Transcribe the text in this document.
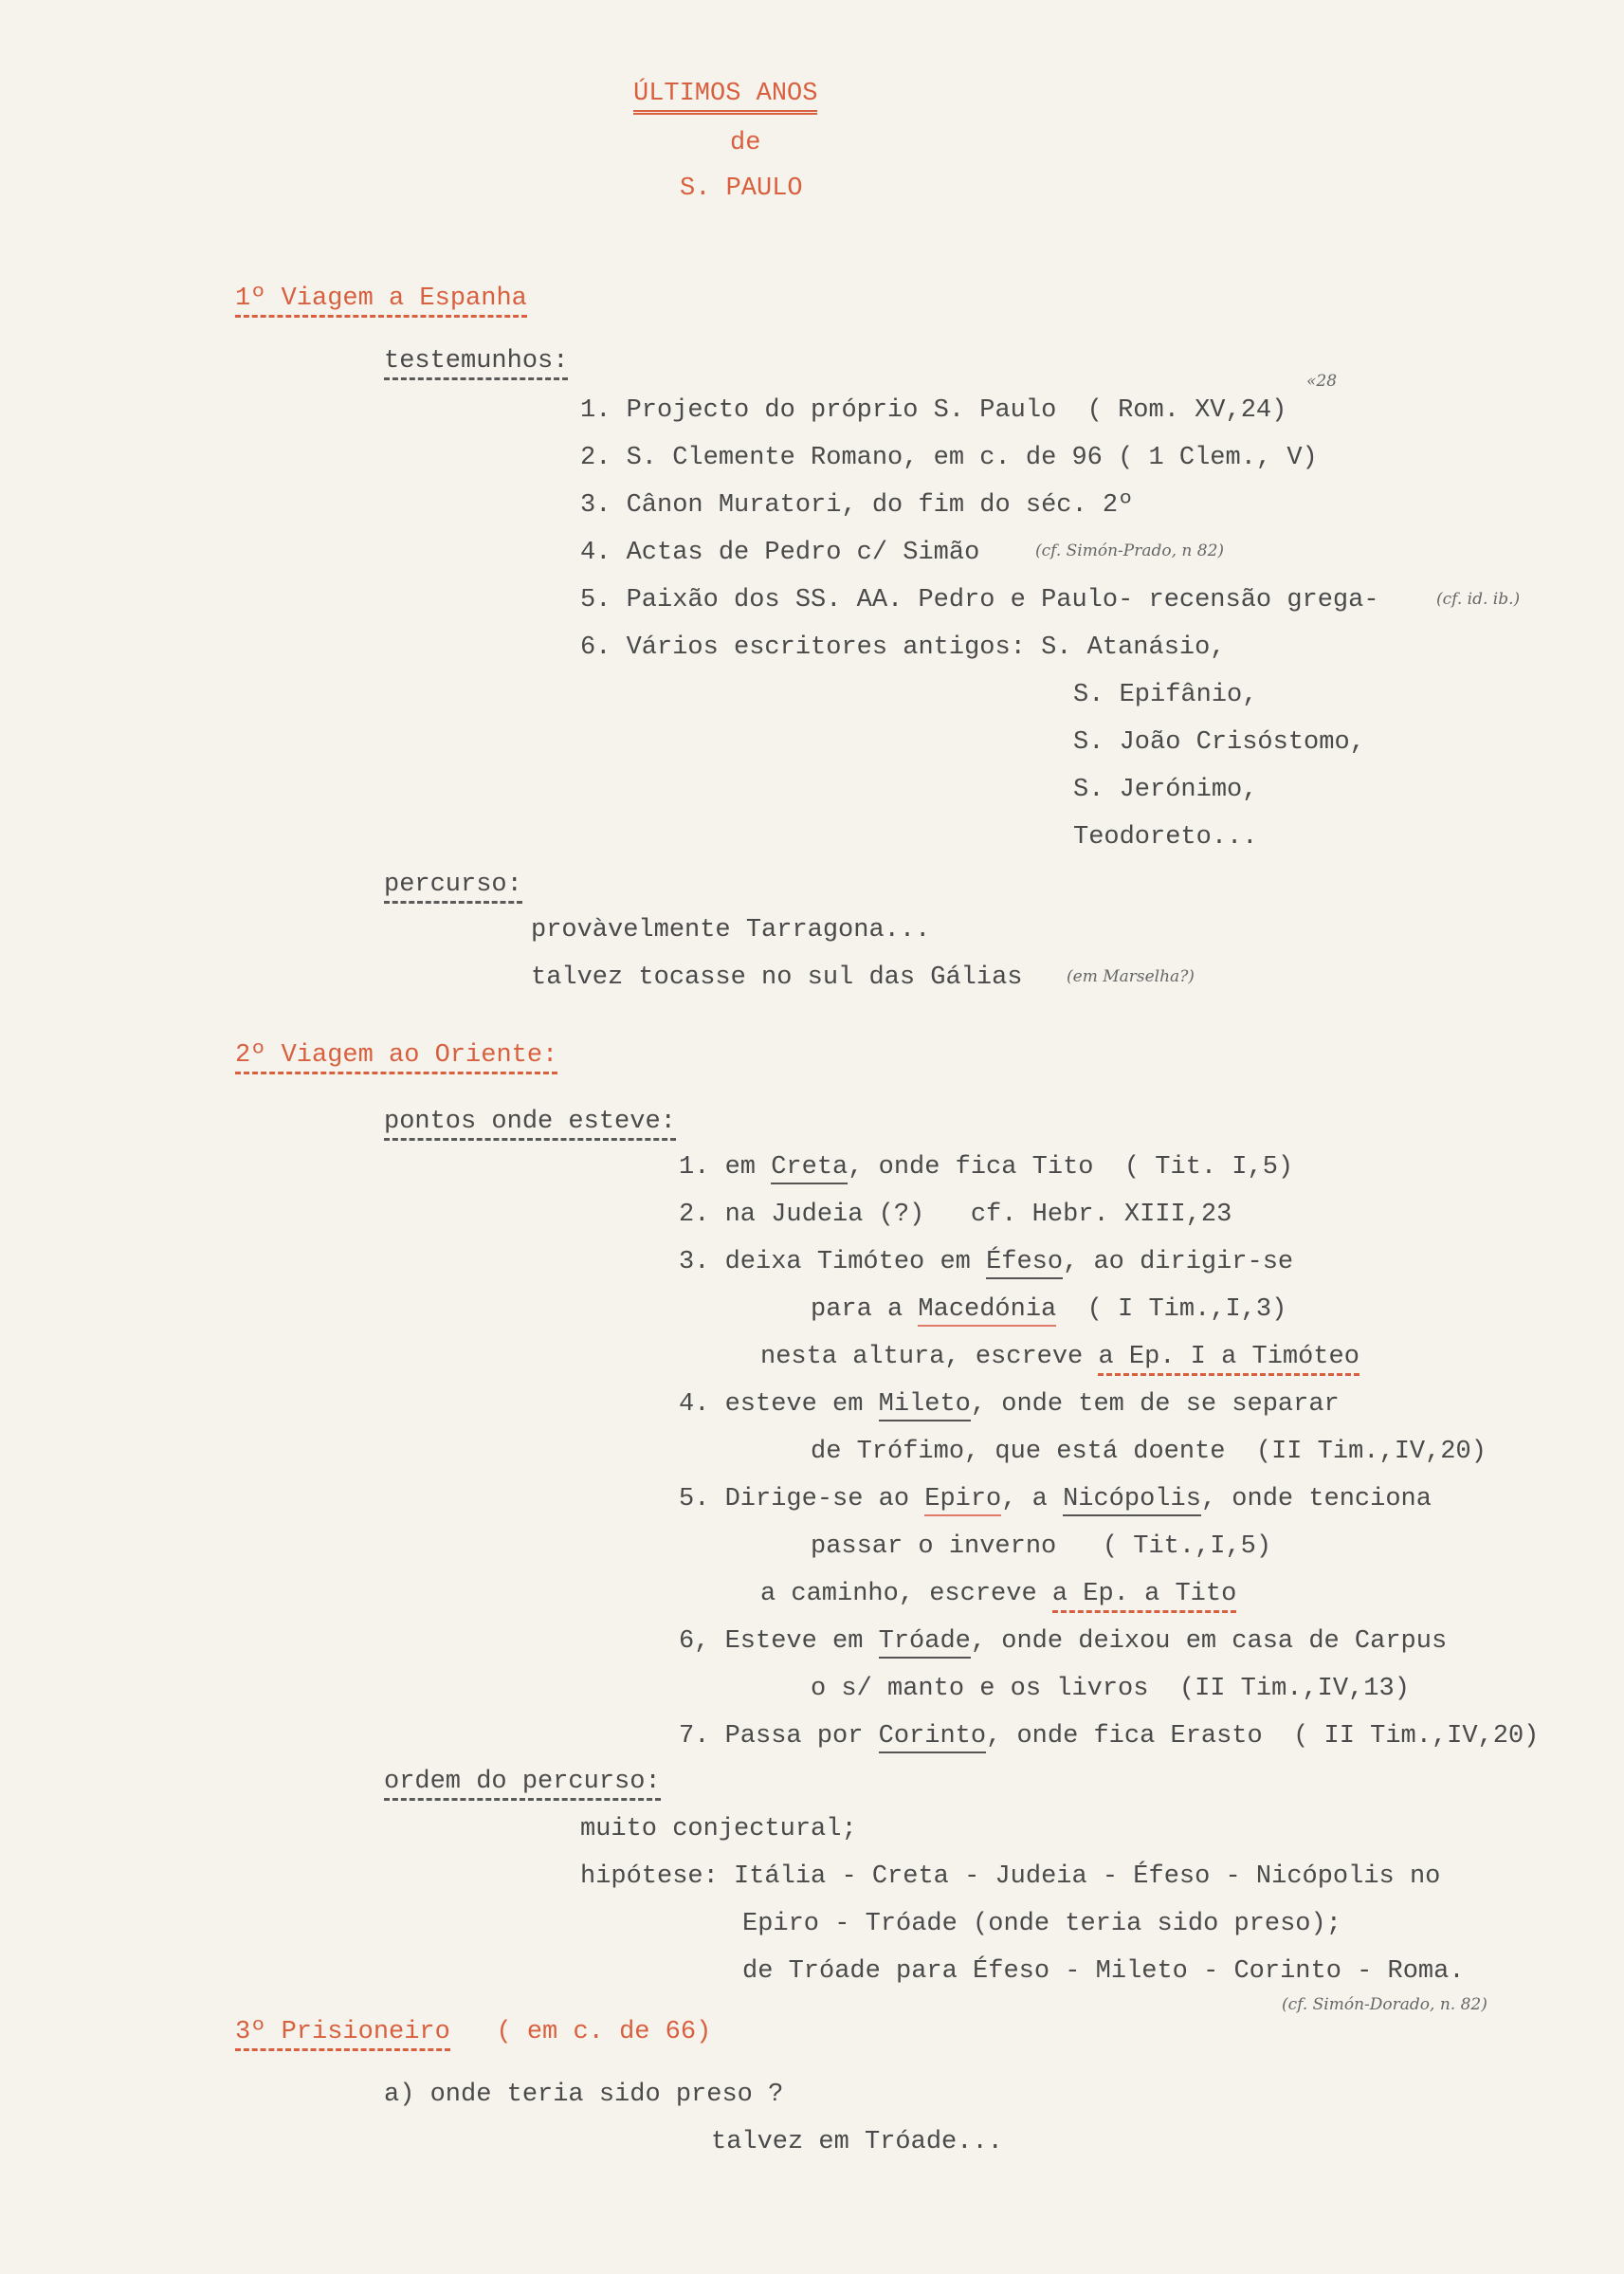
ÚLTIMOS ANOS
de
S. PAULO
1º Viagem a Espanha
testemunhos:
1. Projecto do próprio S. Paulo  ( Rom. XV,24)
«28
2. S. Clemente Romano, em c. de 96 ( 1 Clem., V)
3. Cânon Muratori, do fim do séc. 2º
4. Actas de Pedro c/ Simão	(cf. Simón-Prado, n 82)
5. Paixão dos SS. AA. Pedro e Paulo- recensão grega-	(cf. id. ib.)
6. Vários escritores antigos: S. Atanásio,
S. Epifânio,
S. João Crisóstomo,
S. Jerónimo,
Teodoreto...
percurso:
provàvelmente Tarragona...
talvez tocasse no sul das Gálias	(em Marselha?)
2º Viagem ao Oriente:
pontos onde esteve:
1. em Creta, onde fica Tito  ( Tit. I,5)
2. na Judeia (?)   cf. Hebr. XIII,23
3. deixa Timóteo em Éfeso, ao dirigir-se
para a Macedónia  ( I Tim.,I,3)
nesta altura, escreve a Ep. I a Timóteo
4. esteve em Mileto, onde tem de se separar
de Trófimo, que está doente  (II Tim.,IV,20)
5. Dirige-se ao Epiro, a Nicópolis, onde tenciona
passar o inverno   ( Tit.,I,5)
a caminho, escreve a Ep. a Tito
6, Esteve em Tróade, onde deixou em casa de Carpus
o s/ manto e os livros  (II Tim.,IV,13)
7. Passa por Corinto, onde fica Erasto  ( II Tim.,IV,20)
ordem do percurso:
muito conjectural;
hipótese: Itália - Creta - Judeia - Éfeso - Nicópolis no
Epiro - Tróade (onde teria sido preso);
de Tróade para Éfeso - Mileto - Corinto - Roma.
(cf. Simón-Dorado, n. 82)
3º Prisioneiro ( em c. de 66)
a) onde teria sido preso ?
talvez em Tróade...
